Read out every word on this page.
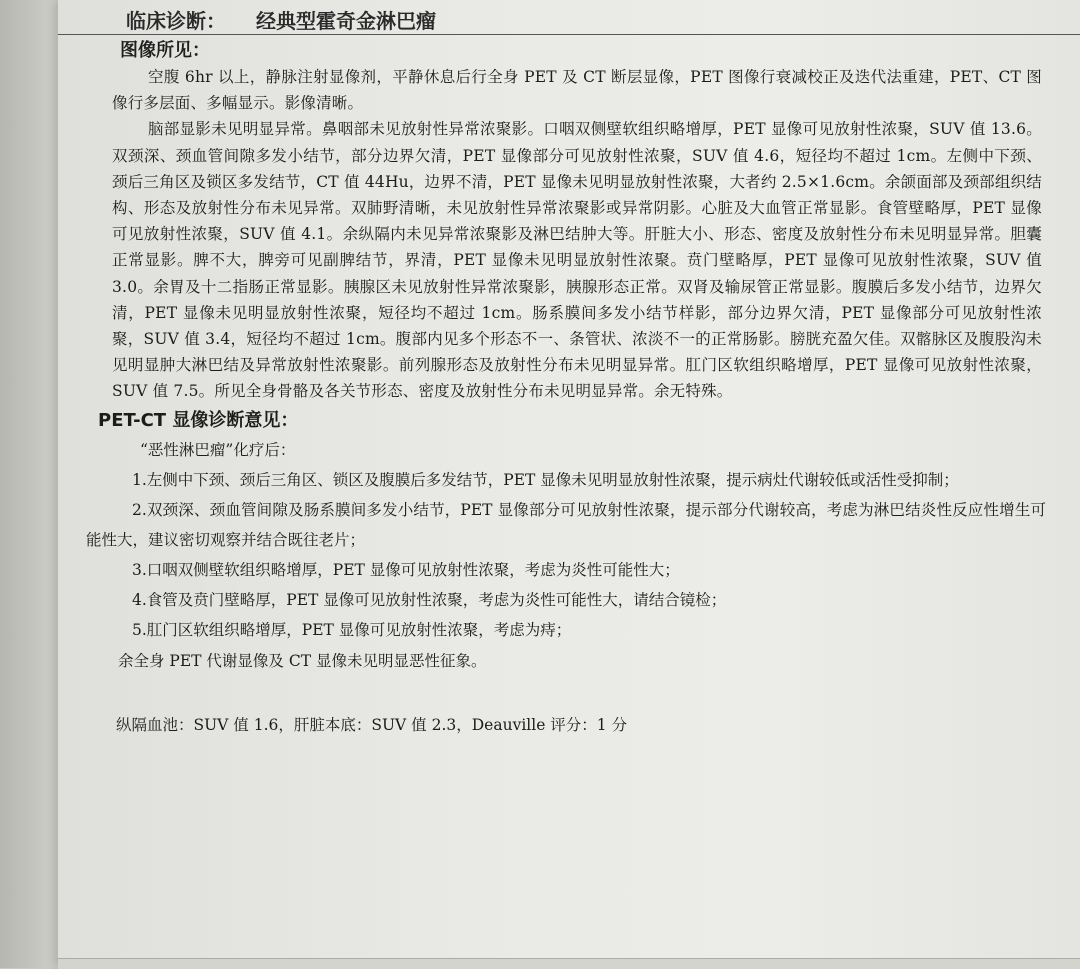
临床诊断： 经典型霍奇金淋巴瘤
图像所见：

空腹 6hr 以上，静脉注射显像剂，平静休息后行全身 PET 及 CT 断层显像，PET 图像行衰减校正及迭代法重建，PET、CT 图像行多层面、多幅显示。影像清晰。

脑部显影未见明显异常。鼻咽部未见放射性异常浓聚影。口咽双侧壁软组织略增厚，PET 显像可见放射性浓聚，SUV 值 13.6。双颈深、颈血管间隙多发小结节，部分边界欠清，PET 显像部分可见放射性浓聚，SUV 值 4.6，短径均不超过 1cm。左侧中下颈、颈后三角区及锁区多发结节，CT 值 44Hu，边界不清，PET 显像未见明显放射性浓聚，大者约 2.5×1.6cm。余颌面部及颈部组织结构、形态及放射性分布未见异常。双肺野清晰，未见放射性异常浓聚影或异常阴影。心脏及大血管正常显影。食管壁略厚，PET 显像可见放射性浓聚，SUV 值 4.1。余纵隔内未见异常浓聚影及淋巴结肿大等。肝脏大小、形态、密度及放射性分布未见明显异常。胆囊正常显影。脾不大，脾旁可见副脾结节，界清，PET 显像未见明显放射性浓聚。贲门壁略厚，PET 显像可见放射性浓聚，SUV 值 3.0。余胃及十二指肠正常显影。胰腺区未见放射性异常浓聚影，胰腺形态正常。双肾及输尿管正常显影。腹膜后多发小结节，边界欠清，PET 显像未见明显放射性浓聚，短径均不超过 1cm。肠系膜间多发小结节样影，部分边界欠清，PET 显像部分可见放射性浓聚，SUV 值 3.4，短径均不超过 1cm。腹部内见多个形态不一、条管状、浓淡不一的正常肠影。膀胱充盈欠佳。双髂脉区及腹股沟未见明显肿大淋巴结及异常放射性浓聚影。前列腺形态及放射性分布未见明显异常。肛门区软组织略增厚，PET 显像可见放射性浓聚，SUV 值 7.5。所见全身骨骼及各关节形态、密度及放射性分布未见明显异常。余无特殊。

PET-CT 显像诊断意见：
“恶性淋巴瘤”化疗后：
1.左侧中下颈、颈后三角区、锁区及腹膜后多发结节，PET 显像未见明显放射性浓聚，提示病灶代谢较低或活性受抑制；
2.双颈深、颈血管间隙及肠系膜间多发小结节，PET 显像部分可见放射性浓聚，提示部分代谢较高，考虑为淋巴结炎性反应性增生可能性大，建议密切观察并结合既往老片；
3.口咽双侧壁软组织略增厚，PET 显像可见放射性浓聚，考虑为炎性可能性大；
4.食管及贲门壁略厚，PET 显像可见放射性浓聚，考虑为炎性可能性大，请结合镜检；
5.肛门区软组织略增厚，PET 显像可见放射性浓聚，考虑为痔；
余全身 PET 代谢显像及 CT 显像未见明显恶性征象。
纵隔血池：SUV 值 1.6，肝脏本底：SUV 值 2.3，Deauville 评分：1 分
